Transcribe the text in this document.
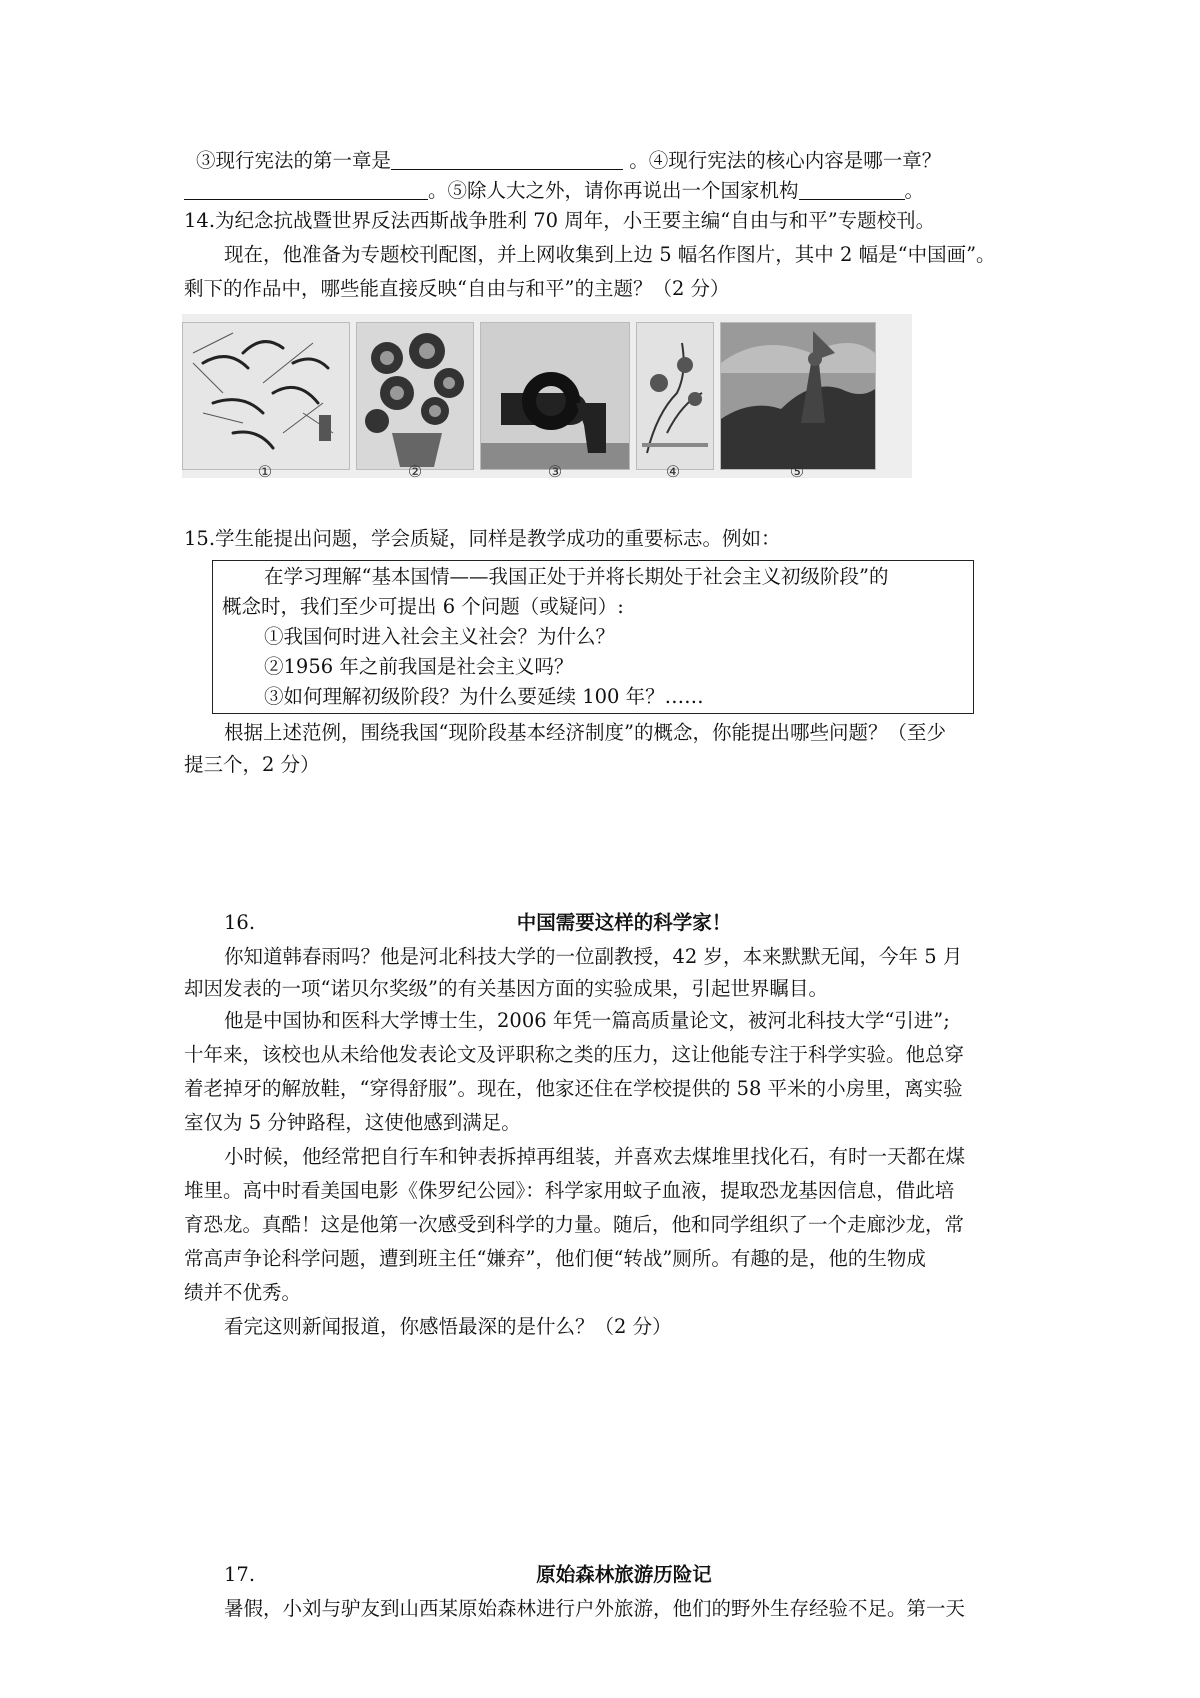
③现行宪法的第一章是	。④现行宪法的核心内容是哪一章？
。⑤除人大之外，请你再说出一个国家机构	。
14.为纪念抗战暨世界反法西斯战争胜利 70 周年，小王要主编“自由与和平”专题校刊。
现在，他准备为专题校刊配图，并上网收集到上边 5 幅名作图片，其中 2 幅是“中国画”。
剩下的作品中，哪些能直接反映“自由与和平”的主题？（2 分）
①	②	③	④	⑤
15.学生能提出问题，学会质疑，同样是教学成功的重要标志。例如：
在学习理解“基本国情——我国正处于并将长期处于社会主义初级阶段”的
概念时，我们至少可提出 6 个问题（或疑问）:
①我国何时进入社会主义社会？为什么？
②1956 年之前我国是社会主义吗？
③如何理解初级阶段？为什么要延续 100 年？……
根据上述范例，围绕我国“现阶段基本经济制度”的概念，你能提出哪些问题？（至少
提三个，2 分）
16.	中国需要这样的科学家！
你知道韩春雨吗？他是河北科技大学的一位副教授，42 岁，本来默默无闻，今年 5 月
却因发表的一项“诺贝尔奖级”的有关基因方面的实验成果，引起世界瞩目。
他是中国协和医科大学博士生，2006 年凭一篇高质量论文，被河北科技大学“引进”;
十年来，该校也从未给他发表论文及评职称之类的压力，这让他能专注于科学实验。他总穿
着老掉牙的解放鞋，“穿得舒服”。现在，他家还住在学校提供的 58 平米的小房里，离实验
室仅为 5 分钟路程，这使他感到满足。
小时候，他经常把自行车和钟表拆掉再组装，并喜欢去煤堆里找化石，有时一天都在煤
堆里。高中时看美国电影《侏罗纪公园》：科学家用蚊子血液，提取恐龙基因信息，借此培
育恐龙。真酷！这是他第一次感受到科学的力量。随后，他和同学组织了一个走廊沙龙，常
常高声争论科学问题，遭到班主任“嫌弃”，他们便“转战”厕所。有趣的是，他的生物成
绩并不优秀。
看完这则新闻报道，你感悟最深的是什么？（2 分）
17.	原始森林旅游历险记
暑假，小刘与驴友到山西某原始森林进行户外旅游，他们的野外生存经验不足。第一天
